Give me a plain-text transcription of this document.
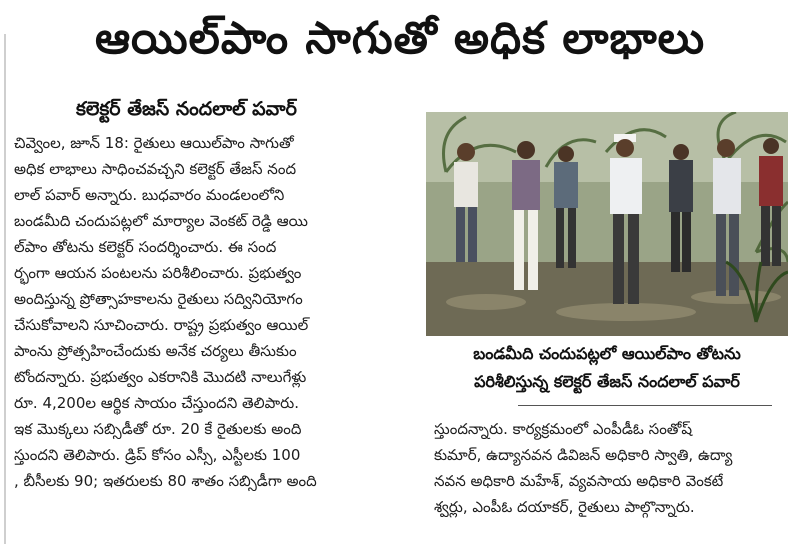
ఆయిల్‌పాం సాగుతో అధిక లాభాలు
కలెక్టర్ తేజస్ నందలాల్ పవార్
చివ్వెంల, జూన్ 18: రైతులు ఆయిల్‌పాం సాగుతో
అధిక లాభాలు సాధించవచ్చని కలెక్టర్ తేజస్ నంద
లాల్ పవార్ అన్నారు. బుధవారం మండలంలోని
బండమీది చందుపట్లలో మార్యాల వెంకట్ రెడ్డి ఆయి
ల్‌పాం తోటను కలెక్టర్ సందర్శించారు. ఈ సంద
ర్భంగా ఆయన పంటలను పరిశీలించారు. ప్రభుత్వం
అందిస్తున్న ప్రోత్సాహకాలను రైతులు సద్వినియోగం
చేసుకోవాలని సూచించారు. రాష్ట్ర ప్రభుత్వం ఆయిల్
పాంను ప్రోత్సహించేందుకు అనేక చర్యలు తీసుకుం
టోందన్నారు. ప్రభుత్వం ఎకరానికి మొదటి నాలుగేళ్లు
రూ. 4,200ల ఆర్థిక సాయం చేస్తుందని తెలిపారు.
ఇక మొక్కలు సబ్సిడీతో రూ. 20 కే రైతులకు అంది
స్తుందని తెలిపారు. డ్రిప్ కోసం ఎస్సీ, ఎస్టీలకు 100
, బీసీలకు 90; ఇతరులకు 80 శాతం సబ్సిడీగా అంది
బండమీది చందుపట్లలో ఆయిల్‌పాం తోటను
పరిశీలిస్తున్న కలెక్టర్ తేజస్ నందలాల్ పవార్
స్తుందన్నారు. కార్యక్రమంలో ఎంపీడీఓ సంతోష్
కుమార్, ఉద్యానవన డివిజన్ అధికారి స్వాతి, ఉద్యా
నవన అధికారి మహేశ్, వ్యవసాయ అధికారి వెంకటే
శ్వర్లు, ఎంపీఓ దయాకర్, రైతులు పాల్గొన్నారు.
